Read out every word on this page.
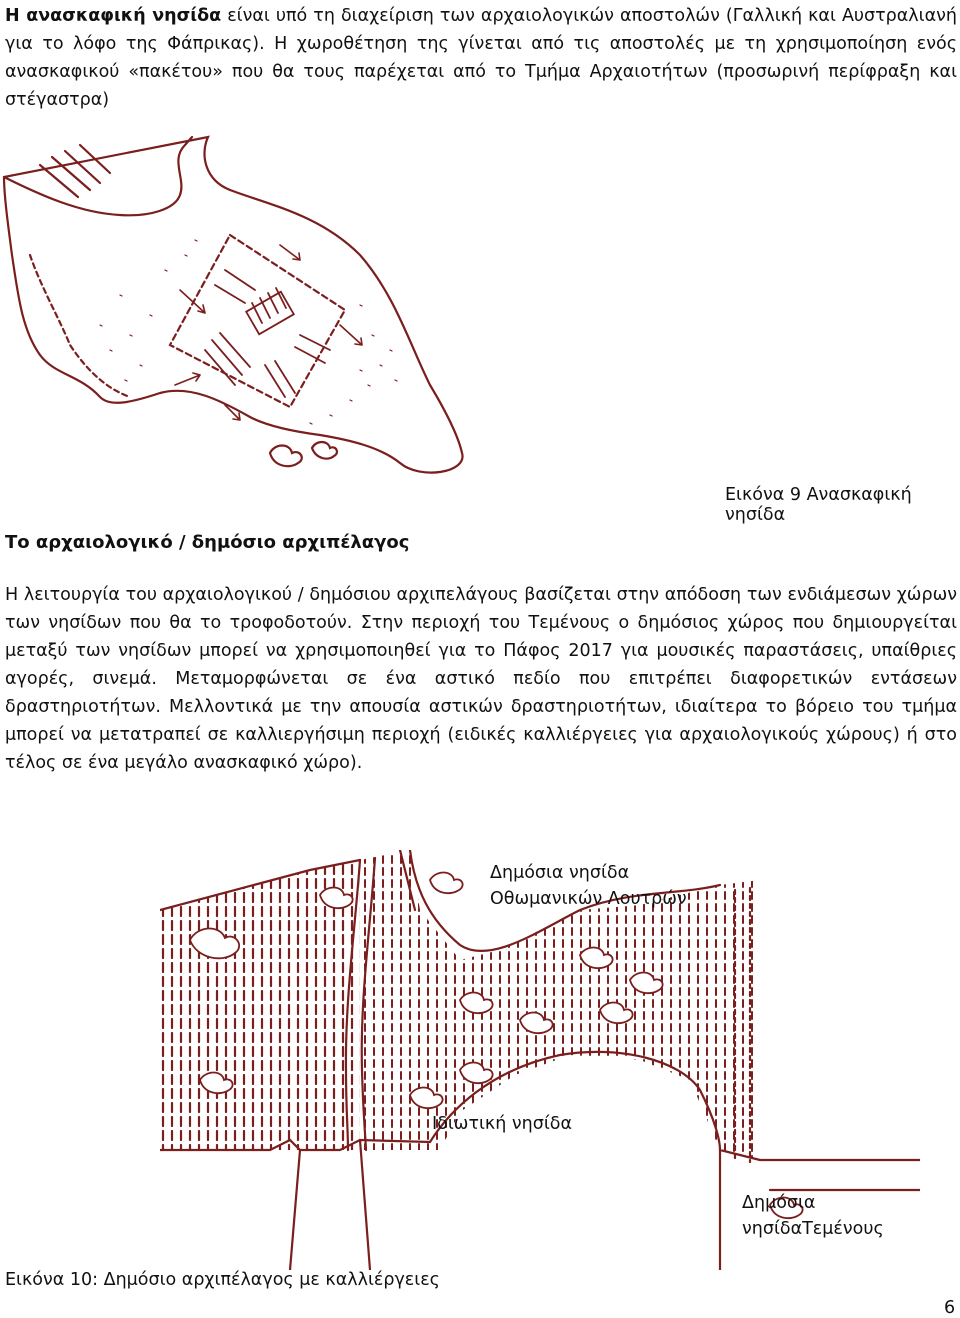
Η ανασκαφική νησίδα είναι υπό τη διαχείριση των αρχαιολογικών αποστολών (Γαλλική και Αυστραλιανή για το λόφο της Φάπρικας). Η χωροθέτηση της γίνεται από τις αποστολές με τη χρησιμοποίηση ενός ανασκαφικού «πακέτου» που θα τους παρέχεται από το Τμήμα Αρχαιοτήτων (προσωρινή περίφραξη και στέγαστρα)

Εικόνα 9 Ανασκαφική νησίδα

Το αρχαιολογικό / δημόσιο αρχιπέλαγος

Η λειτουργία του αρχαιολογικού / δημόσιου αρχιπελάγους βασίζεται στην απόδοση των ενδιάμεσων χώρων των νησίδων που θα το τροφοδοτούν. Στην περιοχή του Τεμένους ο δημόσιος χώρος που δημιουργείται μεταξύ των νησίδων μπορεί να χρησιμοποιηθεί για το Πάφος 2017 για μουσικές παραστάσεις, υπαίθριες αγορές, σινεμά. Μεταμορφώνεται σε ένα αστικό πεδίο που επιτρέπει διαφορετικών εντάσεων δραστηριοτήτων. Μελλοντικά με την απουσία αστικών δραστηριοτήτων, ιδιαίτερα το βόρειο του τμήμα μπορεί να μετατραπεί σε καλλιεργήσιμη περιοχή (ειδικές καλλιέργειες για αρχαιολογικούς χώρους) ή στο τέλος σε ένα μεγάλο ανασκαφικό χώρο).

Δημόσια νησίδα
Οθωμανικών Λουτρών

Ιδιωτική νησίδα

Δημόσια
νησίδαΤεμένους

Εικόνα 10: Δημόσιο αρχιπέλαγος με καλλιέργειες

6
